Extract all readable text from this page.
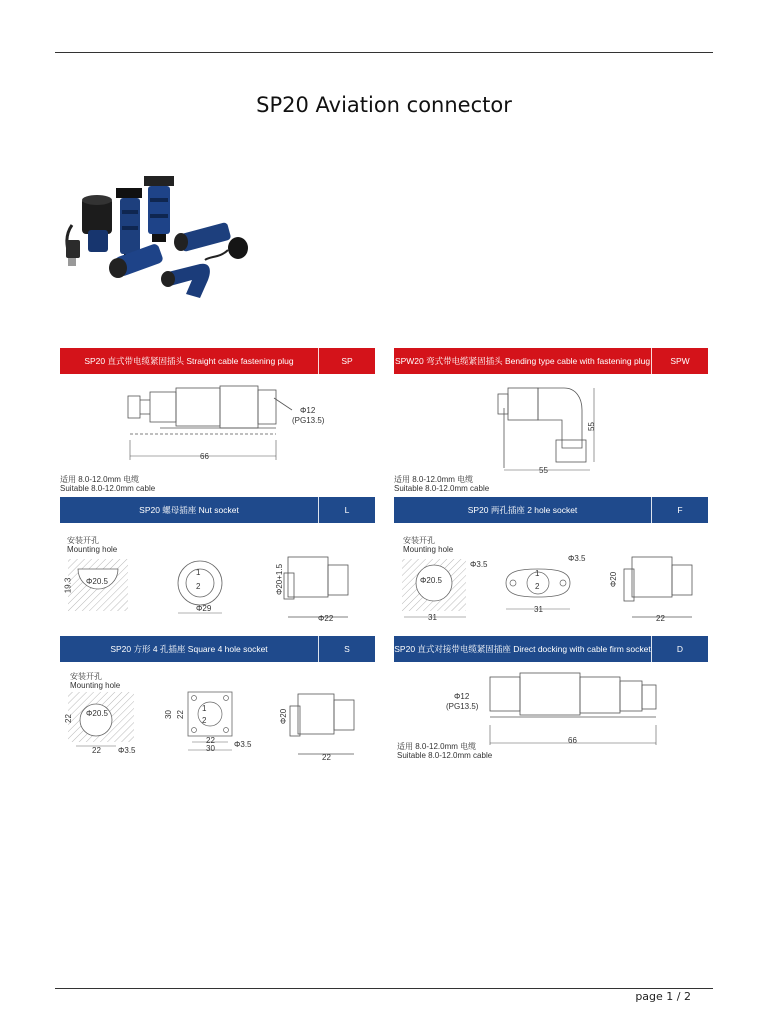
SP20 Aviation connector
SP20 直式带电缆紧固插头 Straight cable fastening plug	SP	SPW20 弯式带电缆紧固插头 Bending type cable with fastening plug	SPW
Φ12
(PG13.5)
66
适用 8.0-12.0mm 电缆
Suitable 8.0-12.0mm cable
55
55
适用 8.0-12.0mm 电缆
Suitable 8.0-12.0mm cable
SP20 螺母插座 Nut socket	L	SP20 两孔插座 2 hole socket	F
安装开孔
Mounting hole
19.3 Φ20.5
1
2
Φ29
Φ20+1.5
Φ22
安装开孔
Mounting hole
Φ20.5
Φ3.5
31
Φ3.5
1
2
31
Φ20
22
SP20 方形 4 孔插座 Square 4 hole socket	S	SP20 直式对接带电缆紧固插座 Direct docking with cable firm socket	D
安装开孔
Mounting hole
22
Φ20.5
22 Φ3.5
30 22
1
2
22
30 Φ3.5
Φ20
22
Φ12
(PG13.5)
66
适用 8.0-12.0mm 电缆
Suitable 8.0-12.0mm cable
page 1 / 2
